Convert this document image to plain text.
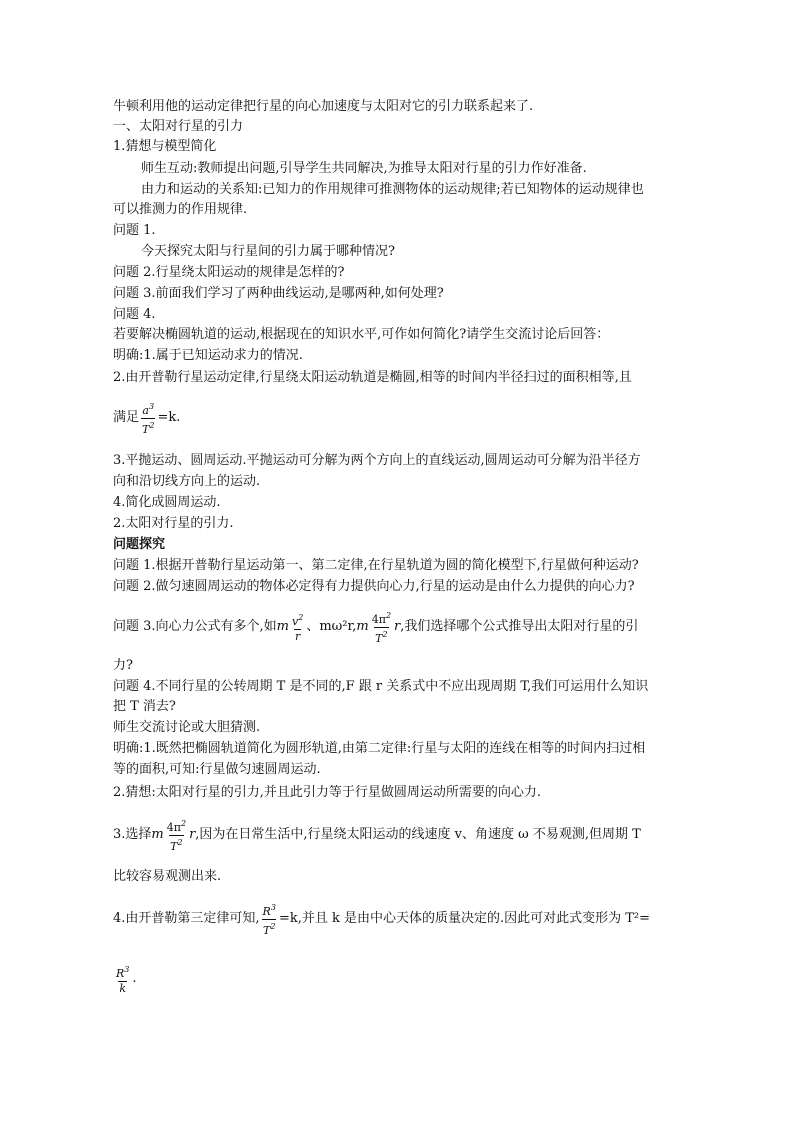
牛顿利用他的运动定律把行星的向心加速度与太阳对它的引力联系起来了.
一、太阳对行星的引力
1.猜想与模型简化
师生互动:教师提出问题,引导学生共同解决,为推导太阳对行星的引力作好准备.
由力和运动的关系知:已知力的作用规律可推测物体的运动规律;若已知物体的运动规律也
可以推测力的作用规律.
问题 1.
今天探究太阳与行星间的引力属于哪种情况?
问题 2.行星绕太阳运动的规律是怎样的?
问题 3.前面我们学习了两种曲线运动,是哪两种,如何处理?
问题 4.
若要解决椭圆轨道的运动,根据现在的知识水平,可作如何简化?请学生交流讨论后回答：
明确:1.属于已知运动求力的情况.
2.由开普勒行星运动定律,行星绕太阳运动轨道是椭圆,相等的时间内半径扫过的面积相等,且
满足 $\frac{a^3}{T^2} =k$.
3.平抛运动、圆周运动.平抛运动可分解为两个方向上的直线运动,圆周运动可分解为沿半径方
向和沿切线方向上的运动.
4.简化成圆周运动.
2.太阳对行星的引力.
问题探究
问题 1.根据开普勒行星运动第一、第二定律,在行星轨道为圆的简化模型下,行星做何种运动?
问题 2.做匀速圆周运动的物体必定得有力提供向心力,行星的运动是由什么力提供的向心力?
问题 3.向心力公式有多个,如 m $\frac{v^2}{r}$ 、mω²r, m $\frac{4\pi^2}{T^2}$ r ,我们选择哪个公式推导出太阳对行星的引
力?
问题 4.不同行星的公转周期 T 是不同的,F 跟 r 关系式中不应出现周期 T,我们可运用什么知识
把 T 消去?
师生交流讨论或大胆猜测.
明确:1.既然把椭圆轨道简化为圆形轨道,由第二定律:行星与太阳的连线在相等的时间内扫过相
等的面积,可知:行星做匀速圆周运动.
2.猜想:太阳对行星的引力,并且此引力等于行星做圆周运动所需要的向心力.
3.选择 m $\frac{4\pi^2}{T^2}$ r ,因为在日常生活中,行星绕太阳运动的线速度 v、角速度 ω 不易观测,但周期 T
比较容易观测出来.
4.由开普勒第三定律可知, $\frac{R^3}{T^2} =k$,并且 k 是由中心天体的质量决定的.因此可对此式变形为 T²=
$\frac{R^3}{k}$ .
